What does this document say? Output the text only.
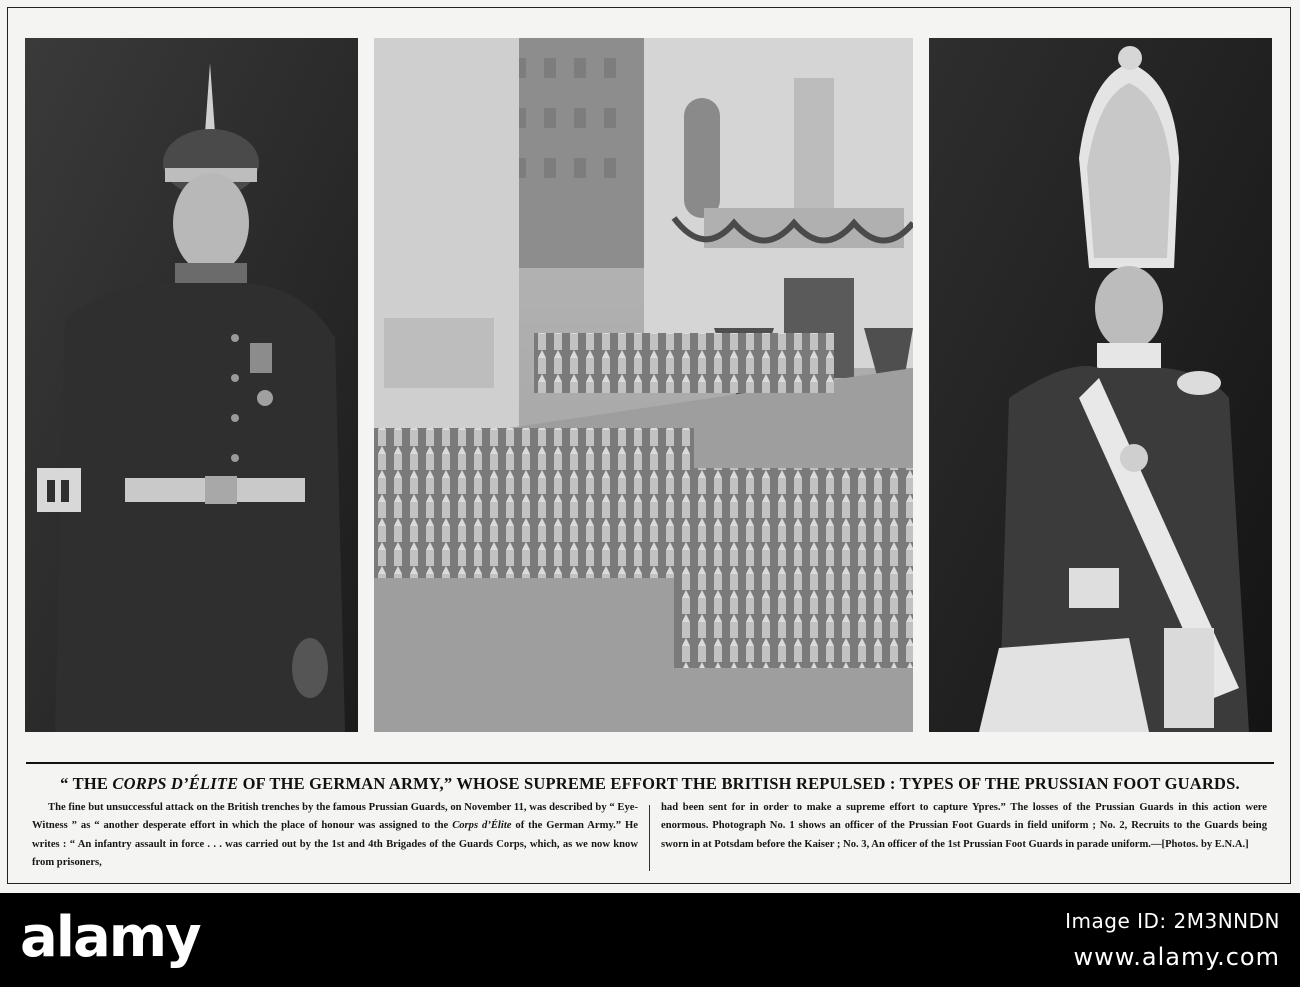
“ THE CORPS D’ÉLITE OF THE GERMAN ARMY,” WHOSE SUPREME EFFORT THE BRITISH REPULSED : TYPES OF THE PRUSSIAN FOOT GUARDS.

The fine but unsuccessful attack on the British trenches by the famous Prussian Guards, on November 11, was described by “ Eye-Witness ” as “ another desperate effort in which the place of honour was assigned to the Corps d’Élite of the German Army.” He writes : “ An infantry assault in force . . . was carried out by the 1st and 4th Brigades of the Guards Corps, which, as we now know from prisoners,

had been sent for in order to make a supreme effort to capture Ypres.” The losses of the Prussian Guards in this action were enormous. Photograph No. 1 shows an officer of the Prussian Foot Guards in field uniform ; No. 2, Recruits to the Guards being sworn in at Potsdam before the Kaiser ; No. 3, An officer of the 1st Prussian Foot Guards in parade uniform.—[Photos. by E.N.A.]

alamy	Image ID: 2M3NNDN
www.alamy.com
